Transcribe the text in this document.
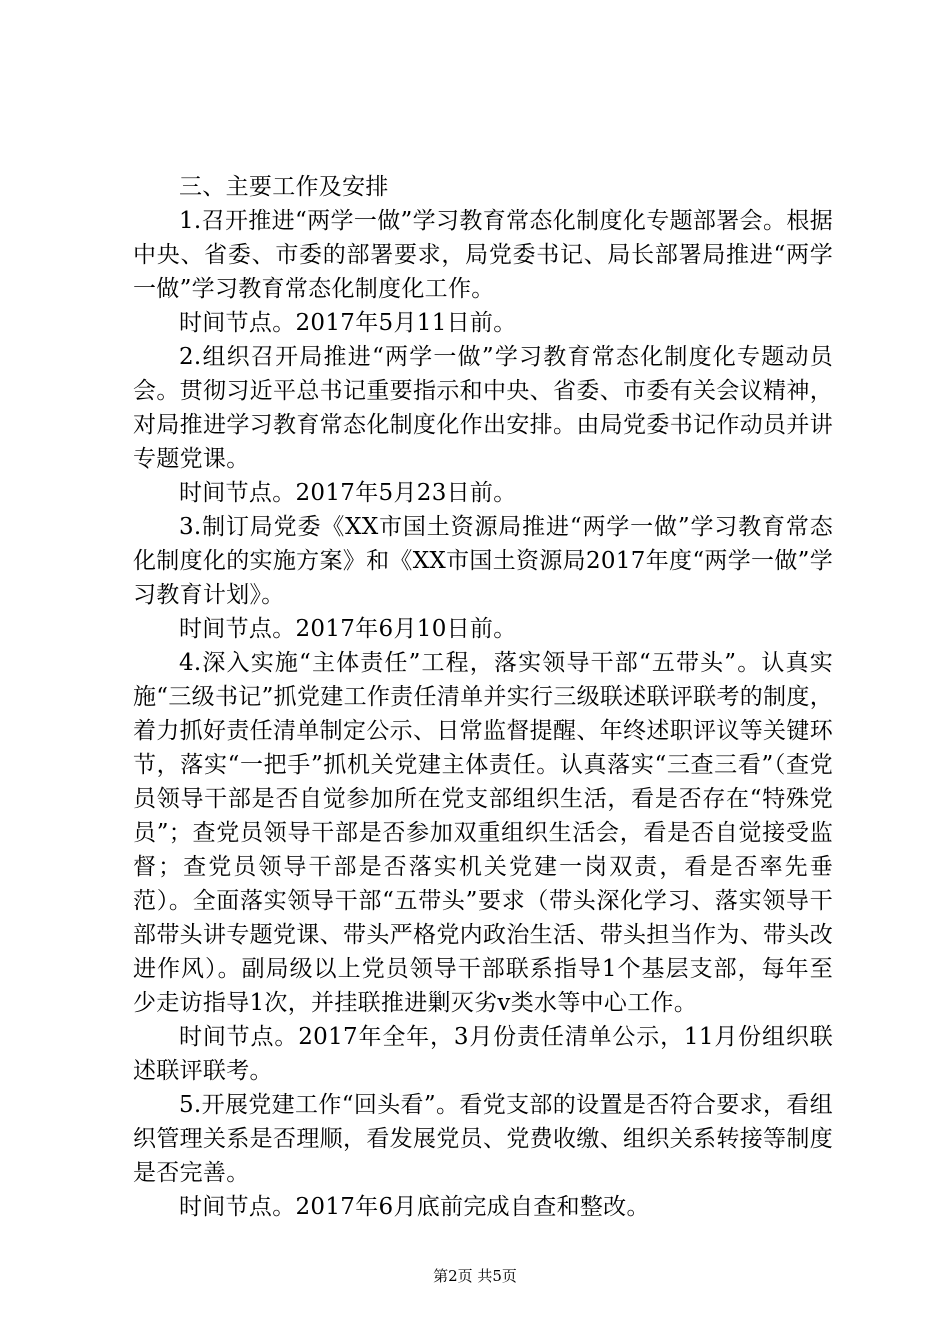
三、主要工作及安排

1.召开推进“两学一做”学习教育常态化制度化专题部署会。根据中央、省委、市委的部署要求，局党委书记、局长部署局推进“两学一做”学习教育常态化制度化工作。

时间节点。2017年5月11日前。

2.组织召开局推进“两学一做”学习教育常态化制度化专题动员会。贯彻习近平总书记重要指示和中央、省委、市委有关会议精神，对局推进学习教育常态化制度化作出安排。由局党委书记作动员并讲专题党课。

时间节点。2017年5月23日前。

3.制订局党委《XX市国土资源局推进“两学一做”学习教育常态化制度化的实施方案》和《XX市国土资源局2017年度“两学一做”学习教育计划》。

时间节点。2017年6月10日前。

4.深入实施“主体责任”工程，落实领导干部“五带头”。认真实施“三级书记”抓党建工作责任清单并实行三级联述联评联考的制度，着力抓好责任清单制定公示、日常监督提醒、年终述职评议等关键环节，落实“一把手”抓机关党建主体责任。认真落实“三查三看”（查党员领导干部是否自觉参加所在党支部组织生活，看是否存在“特殊党员”；查党员领导干部是否参加双重组织生活会，看是否自觉接受监督；查党员领导干部是否落实机关党建一岗双责，看是否率先垂范）。全面落实领导干部“五带头”要求（带头深化学习、落实领导干部带头讲专题党课、带头严格党内政治生活、带头担当作为、带头改进作风）。副局级以上党员领导干部联系指导1个基层支部，每年至少走访指导1次，并挂联推进剿灭劣v类水等中心工作。

时间节点。2017年全年，3月份责任清单公示，11月份组织联述联评联考。

5.开展党建工作“回头看”。看党支部的设置是否符合要求，看组织管理关系是否理顺，看发展党员、党费收缴、组织关系转接等制度是否完善。

时间节点。2017年6月底前完成自查和整改。

第2页 共5页
